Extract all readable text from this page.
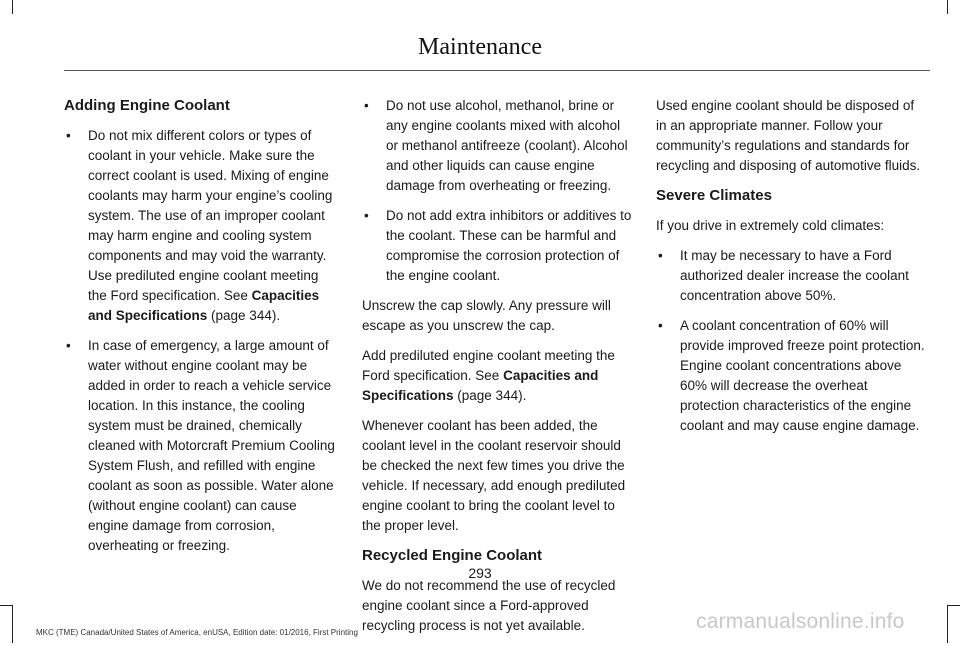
Maintenance
Adding Engine Coolant
• Do not mix different colors or types of coolant in your vehicle. Make sure the correct coolant is used. Mixing of engine coolants may harm your engine’s cooling system. The use of an improper coolant may harm engine and cooling system components and may void the warranty. Use prediluted engine coolant meeting the Ford specification. See Capacities and Specifications (page 344).
• In case of emergency, a large amount of water without engine coolant may be added in order to reach a vehicle service location. In this instance, the cooling system must be drained, chemically cleaned with Motorcraft Premium Cooling System Flush, and refilled with engine coolant as soon as possible. Water alone (without engine coolant) can cause engine damage from corrosion, overheating or freezing.
• Do not use alcohol, methanol, brine or any engine coolants mixed with alcohol or methanol antifreeze (coolant). Alcohol and other liquids can cause engine damage from overheating or freezing.
• Do not add extra inhibitors or additives to the coolant. These can be harmful and compromise the corrosion protection of the engine coolant.

Unscrew the cap slowly. Any pressure will escape as you unscrew the cap.

Add prediluted engine coolant meeting the Ford specification. See Capacities and Specifications (page 344).

Whenever coolant has been added, the coolant level in the coolant reservoir should be checked the next few times you drive the vehicle. If necessary, add enough prediluted engine coolant to bring the coolant level to the proper level.

Recycled Engine Coolant

We do not recommend the use of recycled engine coolant since a Ford-approved recycling process is not yet available.

Used engine coolant should be disposed of in an appropriate manner. Follow your community’s regulations and standards for recycling and disposing of automotive fluids.

Severe Climates

If you drive in extremely cold climates:

• It may be necessary to have a Ford authorized dealer increase the coolant concentration above 50%.
• A coolant concentration of 60% will provide improved freeze point protection. Engine coolant concentrations above 60% will decrease the overheat protection characteristics of the engine coolant and may cause engine damage.
293
MKC (TME) Canada/United States of America, enUSA, Edition date: 01/2016, First Printing	carmanualsonline.info
